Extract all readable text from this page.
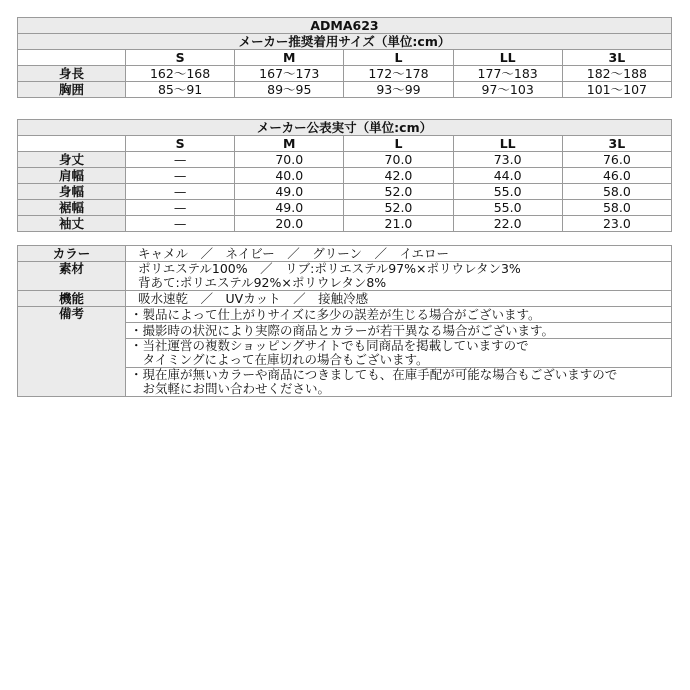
ADMA623					
メーカー推奨着用サイズ（単位:cm）					
	S	M	L	LL	3L
身長	162〜168	167〜173	172〜178	177〜183	182〜188
胸囲	85〜91	89〜95	93〜99	97〜103	101〜107
メーカー公表実寸（単位:cm）					
	S	M	L	LL	3L
身丈	—	70.0	70.0	73.0	76.0
肩幅	—	40.0	42.0	44.0	46.0
身幅	—	49.0	52.0	55.0	58.0
裾幅	—	49.0	52.0	55.0	58.0
袖丈	—	20.0	21.0	22.0	23.0
カラー	キャメル　／　ネイビー　／　グリーン　／　イエロー
素材	ポリエステル100%　／　リブ:ポリエステル97%×ポリウレタン3%
背あて:ポリエステル92%×ポリウレタン8%

機能	吸水速乾　／　UVカット　／　接触冷感
備考	・製品によって仕上がりサイズに多少の誤差が生じる場合がございます。

	・撮影時の状況により実際の商品とカラーが若干異なる場合がございます。

	・当社運営の複数ショッピングサイトでも同商品を掲載していますので
　タイミングによって在庫切れの場合もございます。

	・現在庫が無いカラーや商品につきましても、在庫手配が可能な場合もございますので
　お気軽にお問い合わせください。
